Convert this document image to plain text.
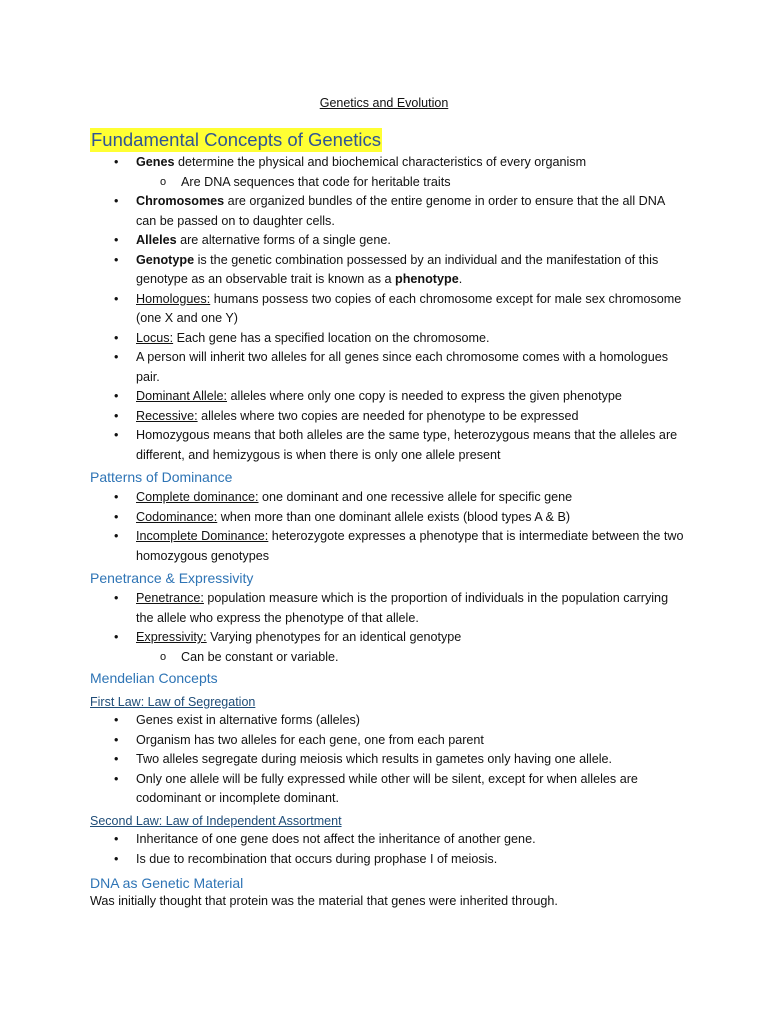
Genetics and Evolution
Fundamental Concepts of Genetics
• Genes determine the physical and biochemical characteristics of every organism
o Are DNA sequences that code for heritable traits
• Chromosomes are organized bundles of the entire genome in order to ensure that the all DNA can be passed on to daughter cells.
• Alleles are alternative forms of a single gene.
• Genotype is the genetic combination possessed by an individual and the manifestation of this genotype as an observable trait is known as a phenotype.
• Homologues: humans possess two copies of each chromosome except for male sex chromosome (one X and one Y)
• Locus: Each gene has a specified location on the chromosome.
• A person will inherit two alleles for all genes since each chromosome comes with a homologues pair.
• Dominant Allele: alleles where only one copy is needed to express the given phenotype
• Recessive: alleles where two copies are needed for phenotype to be expressed
• Homozygous means that both alleles are the same type, heterozygous means that the alleles are different, and hemizygous is when there is only one allele present
Patterns of Dominance
• Complete dominance: one dominant and one recessive allele for specific gene
• Codominance: when more than one dominant allele exists (blood types A & B)
• Incomplete Dominance: heterozygote expresses a phenotype that is intermediate between the two homozygous genotypes
Penetrance & Expressivity
• Penetrance: population measure which is the proportion of individuals in the population carrying the allele who express the phenotype of that allele.
• Expressivity: Varying phenotypes for an identical genotype
o Can be constant or variable.
Mendelian Concepts
First Law: Law of Segregation
• Genes exist in alternative forms (alleles)
• Organism has two alleles for each gene, one from each parent
• Two alleles segregate during meiosis which results in gametes only having one allele.
• Only one allele will be fully expressed while other will be silent, except for when alleles are codominant or incomplete dominant.
Second Law: Law of Independent Assortment
• Inheritance of one gene does not affect the inheritance of another gene.
• Is due to recombination that occurs during prophase I of meiosis.
DNA as Genetic Material
Was initially thought that protein was the material that genes were inherited through.
